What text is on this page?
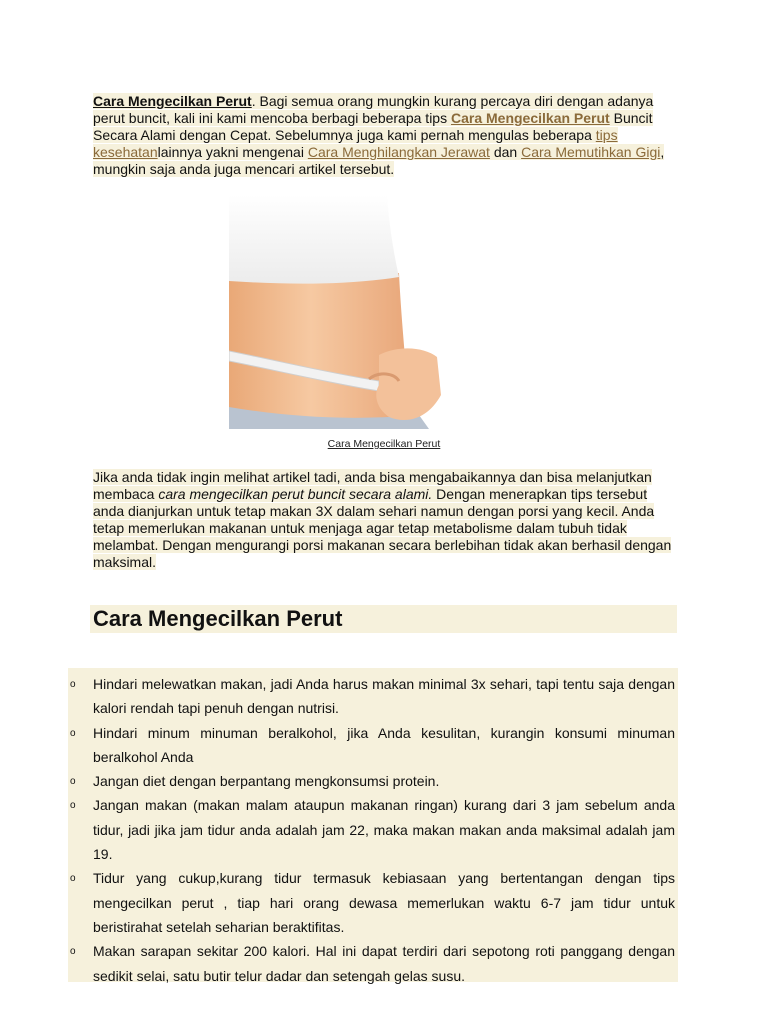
Cara Mengecilkan Perut. Bagi semua orang mungkin kurang percaya diri dengan adanya perut buncit, kali ini kami mencoba berbagi beberapa tips Cara Mengecilkan Perut Buncit Secara Alami dengan Cepat. Sebelumnya juga kami pernah mengulas beberapa tips kesehatanlainnya yakni mengenai Cara Menghilangkan Jerawat dan Cara Memutihkan Gigi, mungkin saja anda juga mencari artikel tersebut.
Cara Mengecilkan Perut
Jika anda tidak ingin melihat artikel tadi, anda bisa mengabaikannya dan bisa melanjutkan membaca cara mengecilkan perut buncit secara alami. Dengan menerapkan tips tersebut anda dianjurkan untuk tetap makan 3X dalam sehari namun dengan porsi yang kecil. Anda tetap memerlukan makanan untuk menjaga agar tetap metabolisme dalam tubuh tidak melambat. Dengan mengurangi porsi makanan secara berlebihan tidak akan berhasil dengan maksimal.
Cara Mengecilkan Perut
o Hindari melewatkan makan, jadi Anda harus makan minimal 3x sehari, tapi tentu saja dengan kalori rendah tapi penuh dengan nutrisi.
o Hindari minum minuman beralkohol, jika Anda kesulitan, kurangin konsumi minuman beralkohol Anda
o Jangan diet dengan berpantang mengkonsumsi protein.
o Jangan makan (makan malam ataupun makanan ringan) kurang dari 3 jam sebelum anda tidur, jadi jika jam tidur anda adalah jam 22, maka makan makan anda maksimal adalah jam 19.
o Tidur yang cukup,kurang tidur termasuk kebiasaan yang bertentangan dengan tips mengecilkan perut , tiap hari orang dewasa memerlukan waktu 6-7 jam tidur untuk beristirahat setelah seharian beraktifitas.
o Makan sarapan sekitar 200 kalori. Hal ini dapat terdiri dari sepotong roti panggang dengan sedikit selai, satu butir telur dadar dan setengah gelas susu.
